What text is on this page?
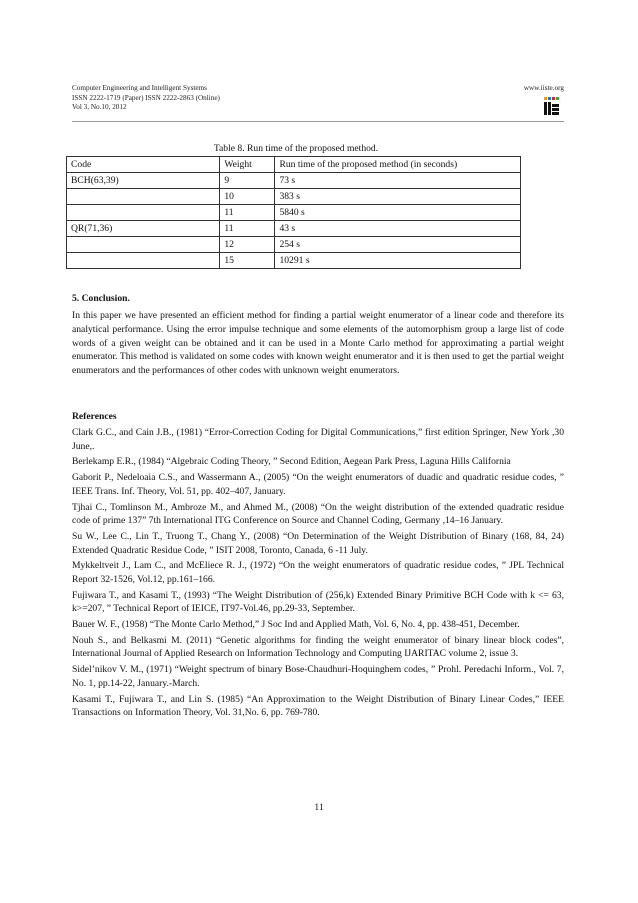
Computer Engineering and Intelligent Systems
ISSN 2222-1719 (Paper) ISSN 2222-2863 (Online)
Vol 3, No.10, 2012
www.iiste.org
Table 8. Run time of the proposed method.
Code	Weight	Run time of the proposed method (in seconds)
BCH(63,39)	9	73 s
	10	383 s
	11	5840 s
QR(71,36)	11	43 s
	12	254 s
	15	10291 s
5. Conclusion.

In this paper we have presented an efficient method for finding a partial weight enumerator of a linear code and therefore its analytical performance. Using the error impulse technique and some elements of the automorphism group a large list of code words of a given weight can be obtained and it can be used in a Monte Carlo method for approximating a partial weight enumerator. This method is validated on some codes with known weight enumerator and it is then used to get the partial weight enumerators and the performances of other codes with unknown weight enumerators.

References

Clark G.C., and Cain J.B., (1981) “Error-Correction Coding for Digital Communications,” first edition Springer, New York ,30 June,.

Berlekamp E.R., (1984) “Algebraic Coding Theory, ” Second Edition, Aegean Park Press, Laguna Hills California

Gaborit P., Nedeloaia C.S., and Wassermann A., (2005) “On the weight enumerators of duadic and quadratic residue codes, ” IEEE Trans. Inf. Theory, Vol. 51, pp. 402–407, January.

Tjhai C., Tomlinson M., Ambroze M., and Ahmed M., (2008) “On the weight distribution of the extended quadratic residue code of prime 137” 7th International ITG Conference on Source and Channel Coding, Germany ,14–16 January.

Su W., Lee C., Lin T., Truong T., Chang Y., (2008) “On Determination of the Weight Distribution of Binary (168, 84, 24) Extended Quadratic Residue Code, ” ISIT 2008, Toronto, Canada, 6 -11 July.

Mykkeltveit J., Lam C., and McEliece R. J., (1972) “On the weight enumerators of quadratic residue codes, ” JPL Technical Report 32-1526, Vol.12, pp.161–166.

Fujiwara T., and Kasami T., (1993) “The Weight Distribution of (256,k) Extended Binary Primitive BCH Code with k <= 63, k>=207, ” Technical Report of IEICE, IT97-Vol.46, pp.29-33, September.

Bauer W. F., (1958) “The Monte Carlo Method,” J Soc Ind and Applied Math, Vol. 6, No. 4, pp. 438-451, December.

Nouh S., and Belkasmi M. (2011) “Genetic algorithms for finding the weight enumerator of binary linear block codes”, International Journal of Applied Research on Information Technology and Computing IJARITAC volume 2, issue 3.

Sidel’nikov V. M., (1971) “Weight spectrum of binary Bose-Chaudhuri-Hoquinghem codes, ” Prohl. Peredachi Inform., Vol. 7, No. 1, pp.14-22, January.-March.

Kasami T., Fujiwara T., and Lin S. (1985) “An Approximation to the Weight Distribution of Binary Linear Codes,” IEEE Transactions on Information Theory, Vol. 31,No. 6, pp. 769-780.

11
